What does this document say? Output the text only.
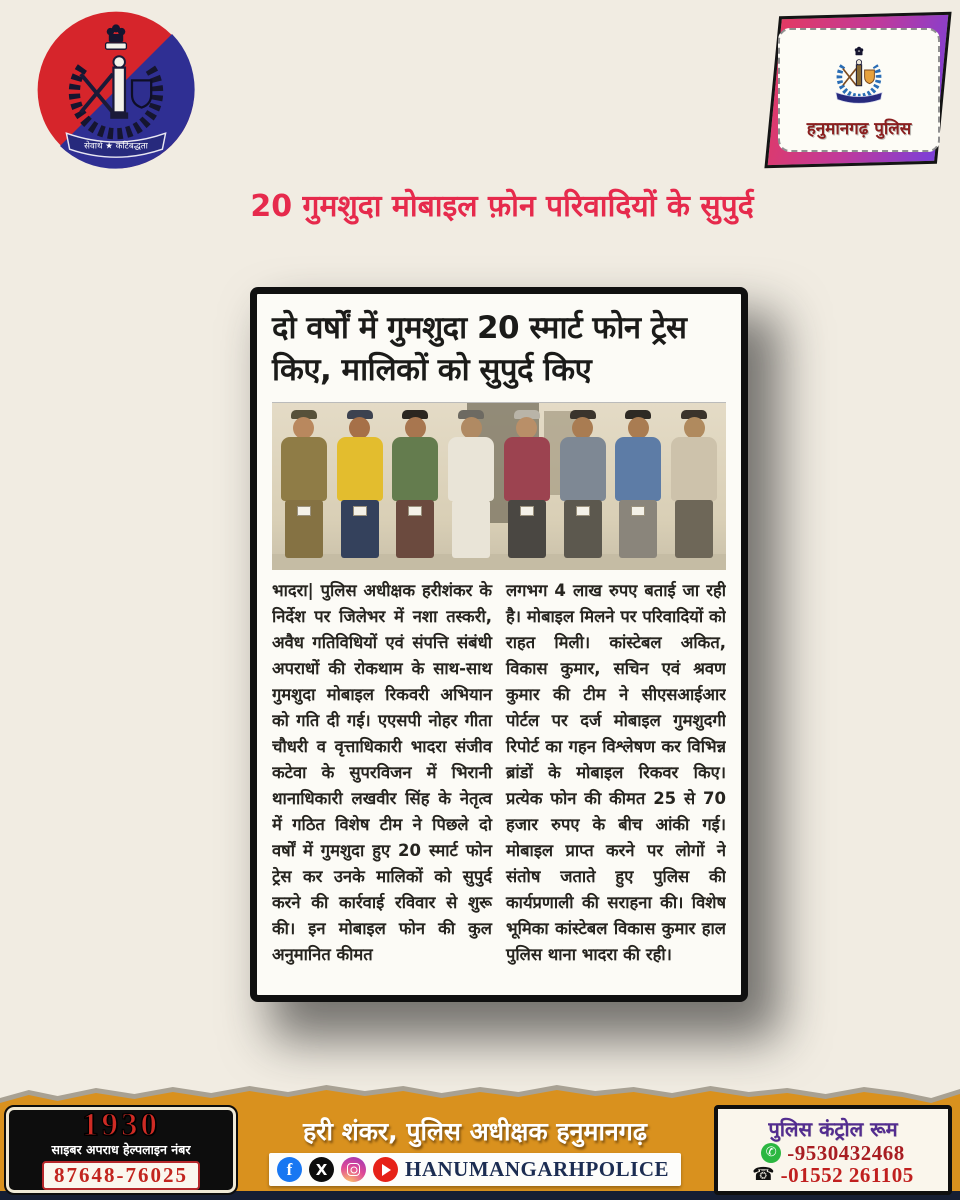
सेवार्थ ★ कटिबद्धता
हनुमानगढ़ पुलिस
20 गुमशुदा मोबाइल फ़ोन परिवादियों के सुपुर्द
दो वर्षों में गुमशुदा 20 स्मार्ट फोन ट्रेस किए, मालिकों को सुपुर्द किए
भादरा| पुलिस अधीक्षक हरीशंकर के निर्देश पर जिलेभर में नशा तस्करी, अवैध गतिविधियों एवं संपत्ति संबंधी अपराधों की रोकथाम के साथ-साथ गुमशुदा मोबाइल रिकवरी अभियान को गति दी गई। एएसपी नोहर गीता चौधरी व वृत्ताधिकारी भादरा संजीव कटेवा के सुपरविजन में भिरानी थानाधिकारी लखवीर सिंह के नेतृत्व में गठित विशेष टीम ने पिछले दो वर्षों में गुमशुदा हुए 20 स्मार्ट फोन ट्रेस कर उनके मालिकों को सुपुर्द करने की कार्रवाई रविवार से शुरू की। इन मोबाइल फोन की कुल अनुमानित कीमत
लगभग 4 लाख रुपए बताई जा रही है। मोबाइल मिलने पर परिवादियों को राहत मिली। कांस्टेबल अकित, विकास कुमार, सचिन एवं श्रवण कुमार की टीम ने सीएसआईआर पोर्टल पर दर्ज मोबाइल गुमशुदगी रिपोर्ट का गहन विश्लेषण कर विभिन्न ब्रांडों के मोबाइल रिकवर किए। प्रत्येक फोन की कीमत 25 से 70 हजार रुपए के बीच आंकी गई। मोबाइल प्राप्त करने पर लोगों ने संतोष जताते हुए पुलिस की कार्यप्रणाली की सराहना की। विशेष भूमिका कांस्टेबल विकास कुमार हाल पुलिस थाना भादरा की रही।
1930
साइबर अपराध हेल्पलाइन नंबर
87648-76025
हरी शंकर, पुलिस अधीक्षक हनुमानगढ़
f X	HANUMANGARHPOLICE
पुलिस कंट्रोल रूम
✆ -9530432468
☎ -01552 261105
